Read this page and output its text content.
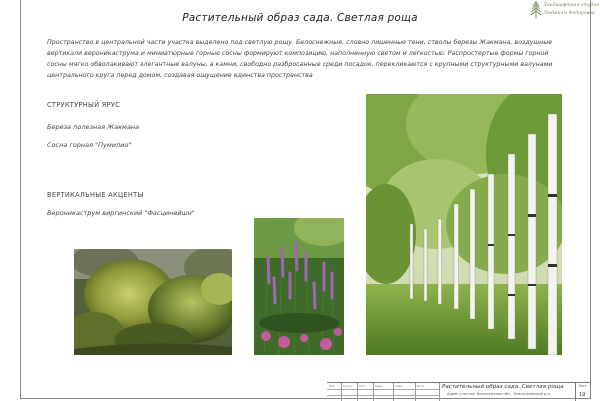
Растительный образ сада. Светлая роща
Ландшафтная студия
Людмилы Федоровой
Пространство в центральной части участка выделено под светлую рощу. Белоснежные, словно лишенные тени, стволы березы Жакмана, воздушные вертикали вероникаструма и миниатюрные горные сосны формируют композицию, наполненную светом и легкостью. Распростертые формы горной сосны мягко обволакивают элегантные валуны, а камни, свободно разбросанные среди посадок, перекликаются с крупными структурными валунами центрального круга перед домом, создавая ощущение единства пространства
СТРУКТУРНЫЙ ЯРУС
Береза полезная Жакмана
Сосна горная "Пумилио"
ВЕРТИКАЛЬНЫЕ АКЦЕНТЫ
Вероникаструм виргинский "Фасцинейшн"
Изм.	Кол.уч	Лист	№док.	Подп.	Дата	Растительный образ сада. Светлая роща
Адрес участка: Воронежская обл., Новоусманский р-н,
Лист
19
